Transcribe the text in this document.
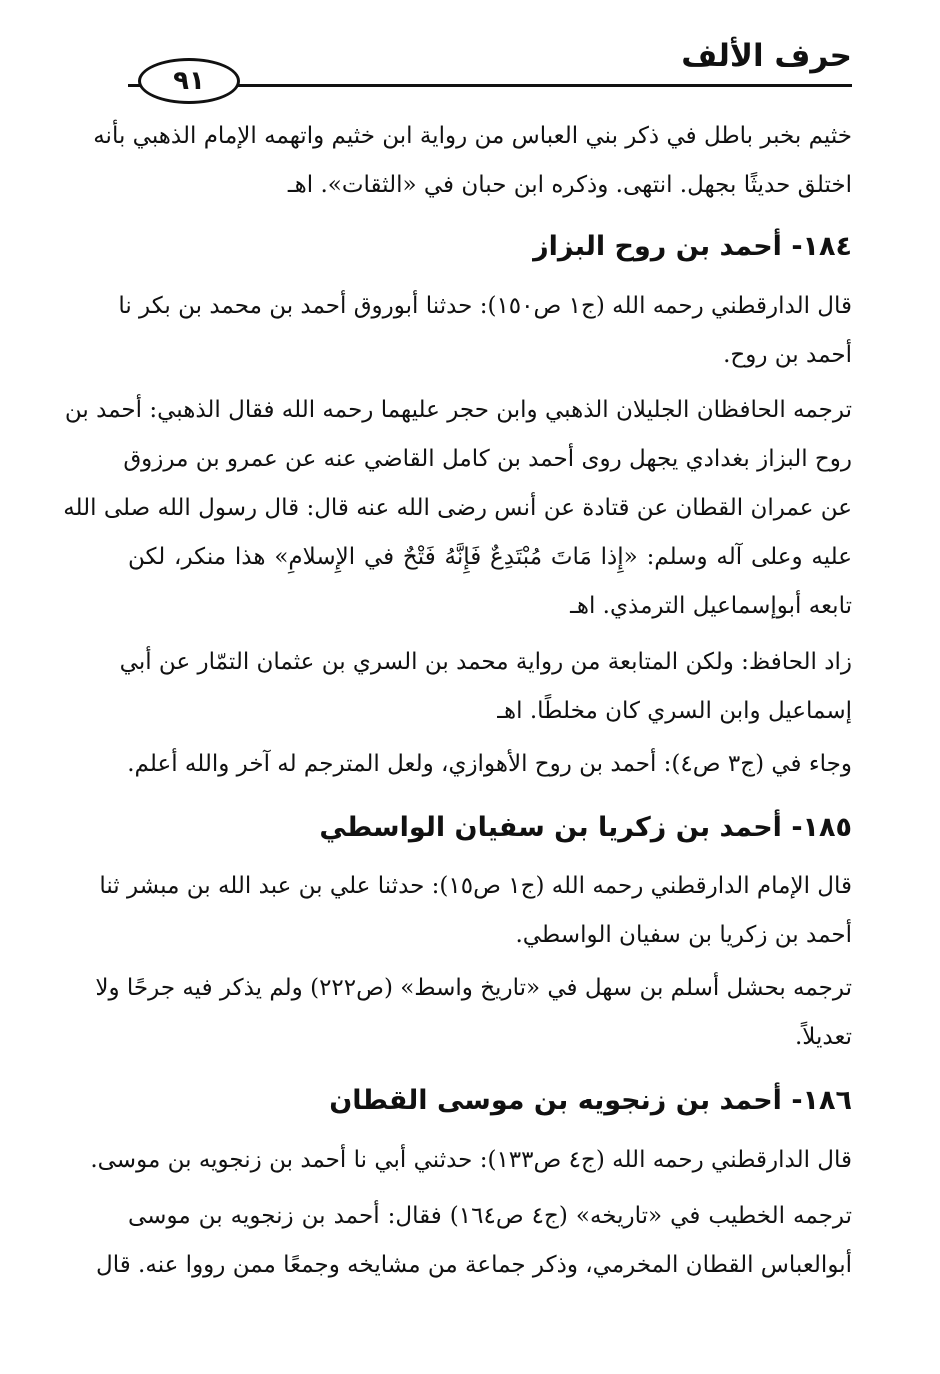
حرف الألف
٩١
خثيم بخبر باطل في ذكر بني العباس من رواية ابن خثيم واتهمه الإمام الذهبي بأنه
اختلق حديثًا بجهل. انتهى. وذكره ابن حبان في «الثقات». اهـ
١٨٤- أحمد بن روح البزاز
قال الدارقطني رحمه الله (ج١ ص١٥٠): حدثنا أبوروق أحمد بن محمد بن بكر نا
أحمد بن روح.
ترجمه الحافظان الجليلان الذهبي وابن حجر عليهما رحمه الله فقال الذهبي: أحمد بن
روح البزاز بغدادي يجهل روى أحمد بن كامل القاضي عنه عن عمرو بن مرزوق
عن عمران القطان عن قتادة عن أنس رضى الله عنه قال: قال رسول الله صلى الله
عليه وعلى آله وسلم: «إِذا مَاتَ مُبْتَدِعٌ فَإِنَّهُ فَتْحٌ في الإِسلامِ» هذا منكر، لكن
تابعه أبوإسماعيل الترمذي. اهـ
زاد الحافظ: ولكن المتابعة من رواية محمد بن السري بن عثمان التمّار عن أبي
إسماعيل وابن السري كان مخلطًا. اهـ
وجاء في (ج٣ ص٤): أحمد بن روح الأهوازي، ولعل المترجم له آخر والله أعلم.
١٨٥- أحمد بن زكريا بن سفيان الواسطي
قال الإمام الدارقطني رحمه الله (ج١ ص١٥): حدثنا علي بن عبد الله بن مبشر ثنا
أحمد بن زكريا بن سفيان الواسطي.
ترجمه بحشل أسلم بن سهل في «تاريخ واسط» (ص٢٢٢) ولم يذكر فيه جرحًا ولا
تعديلاً.
١٨٦- أحمد بن زنجويه بن موسى القطان
قال الدارقطني رحمه الله (ج٤ ص١٣٣): حدثني أبي نا أحمد بن زنجويه بن موسى.
ترجمه الخطيب في «تاريخه» (ج٤ ص١٦٤) فقال: أحمد بن زنجويه بن موسى
أبوالعباس القطان المخرمي، وذكر جماعة من مشايخه وجمعًا ممن رووا عنه. قال
